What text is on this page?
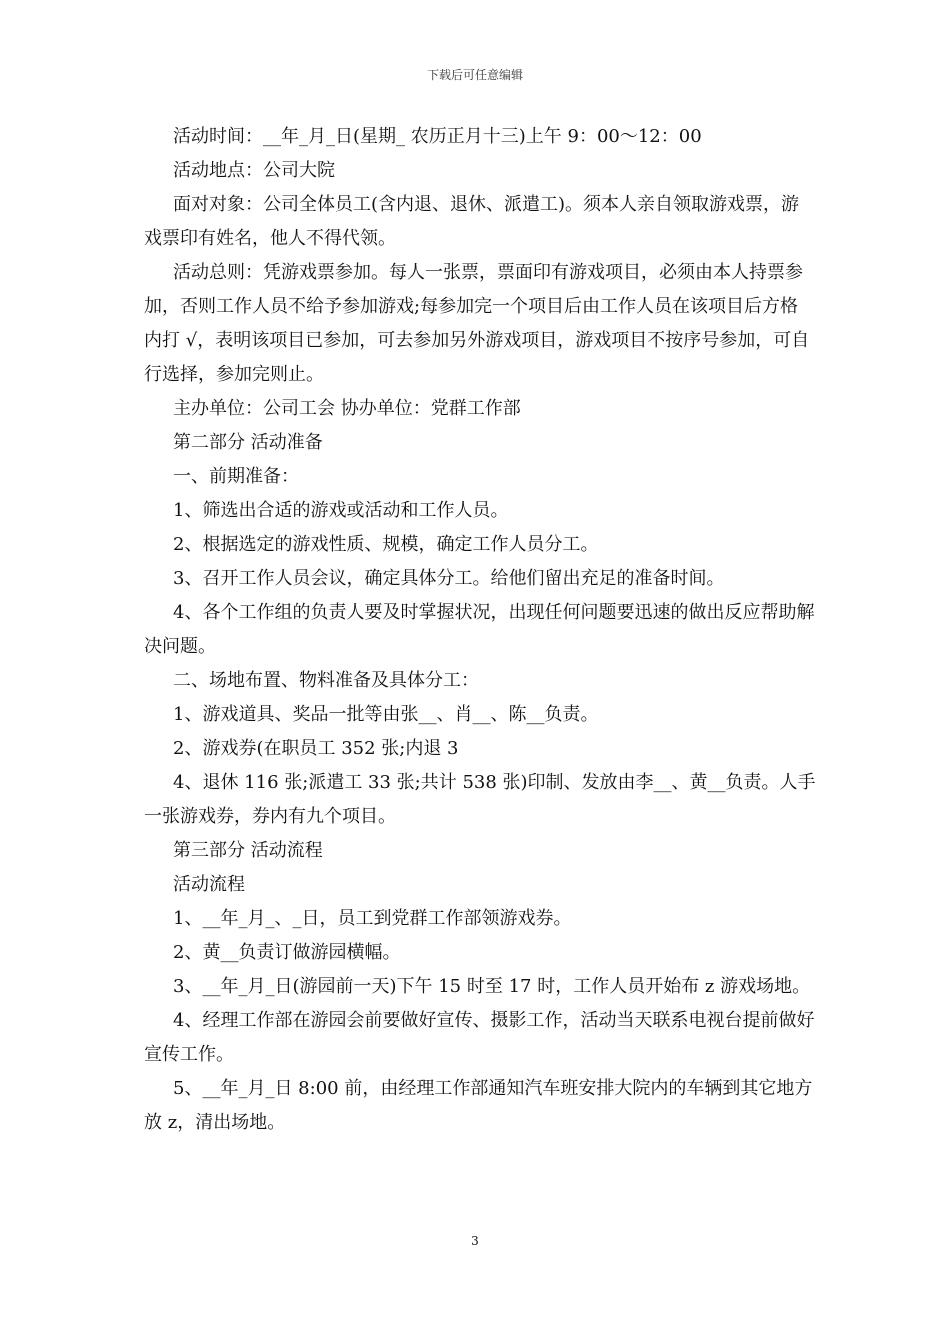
下载后可任意编辑

活动时间：__年_月_日(星期_ 农历正月十三)上午 9：00～12：00

活动地点：公司大院

面对对象：公司全体员工(含内退、退休、派遣工)。须本人亲自领取游戏票，游戏票印有姓名，他人不得代领。

活动总则：凭游戏票参加。每人一张票，票面印有游戏项目，必须由本人持票参加，否则工作人员不给予参加游戏;每参加完一个项目后由工作人员在该项目后方格内打 √，表明该项目已参加，可去参加另外游戏项目，游戏项目不按序号参加，可自行选择，参加完则止。

主办单位：公司工会 协办单位：党群工作部

第二部分 活动准备

一、前期准备：

1、筛选出合适的游戏或活动和工作人员。

2、根据选定的游戏性质、规模，确定工作人员分工。

3、召开工作人员会议，确定具体分工。给他们留出充足的准备时间。

4、各个工作组的负责人要及时掌握状况，出现任何问题要迅速的做出反应帮助解决问题。

二、场地布置、物料准备及具体分工：

1、游戏道具、奖品一批等由张__、肖__、陈__负责。

2、游戏券(在职员工 352 张;内退 3

4、退休 116 张;派遣工 33 张;共计 538 张)印制、发放由李__、黄__负责。人手一张游戏券，券内有九个项目。

第三部分 活动流程

活动流程

1、__年_月_、_日，员工到党群工作部领游戏券。

2、黄__负责订做游园横幅。

3、__年_月_日(游园前一天)下午 15 时至 17 时，工作人员开始布 z 游戏场地。

4、经理工作部在游园会前要做好宣传、摄影工作，活动当天联系电视台提前做好宣传工作。

5、__年_月_日 8:00 前，由经理工作部通知汽车班安排大院内的车辆到其它地方放 z，清出场地。

3
